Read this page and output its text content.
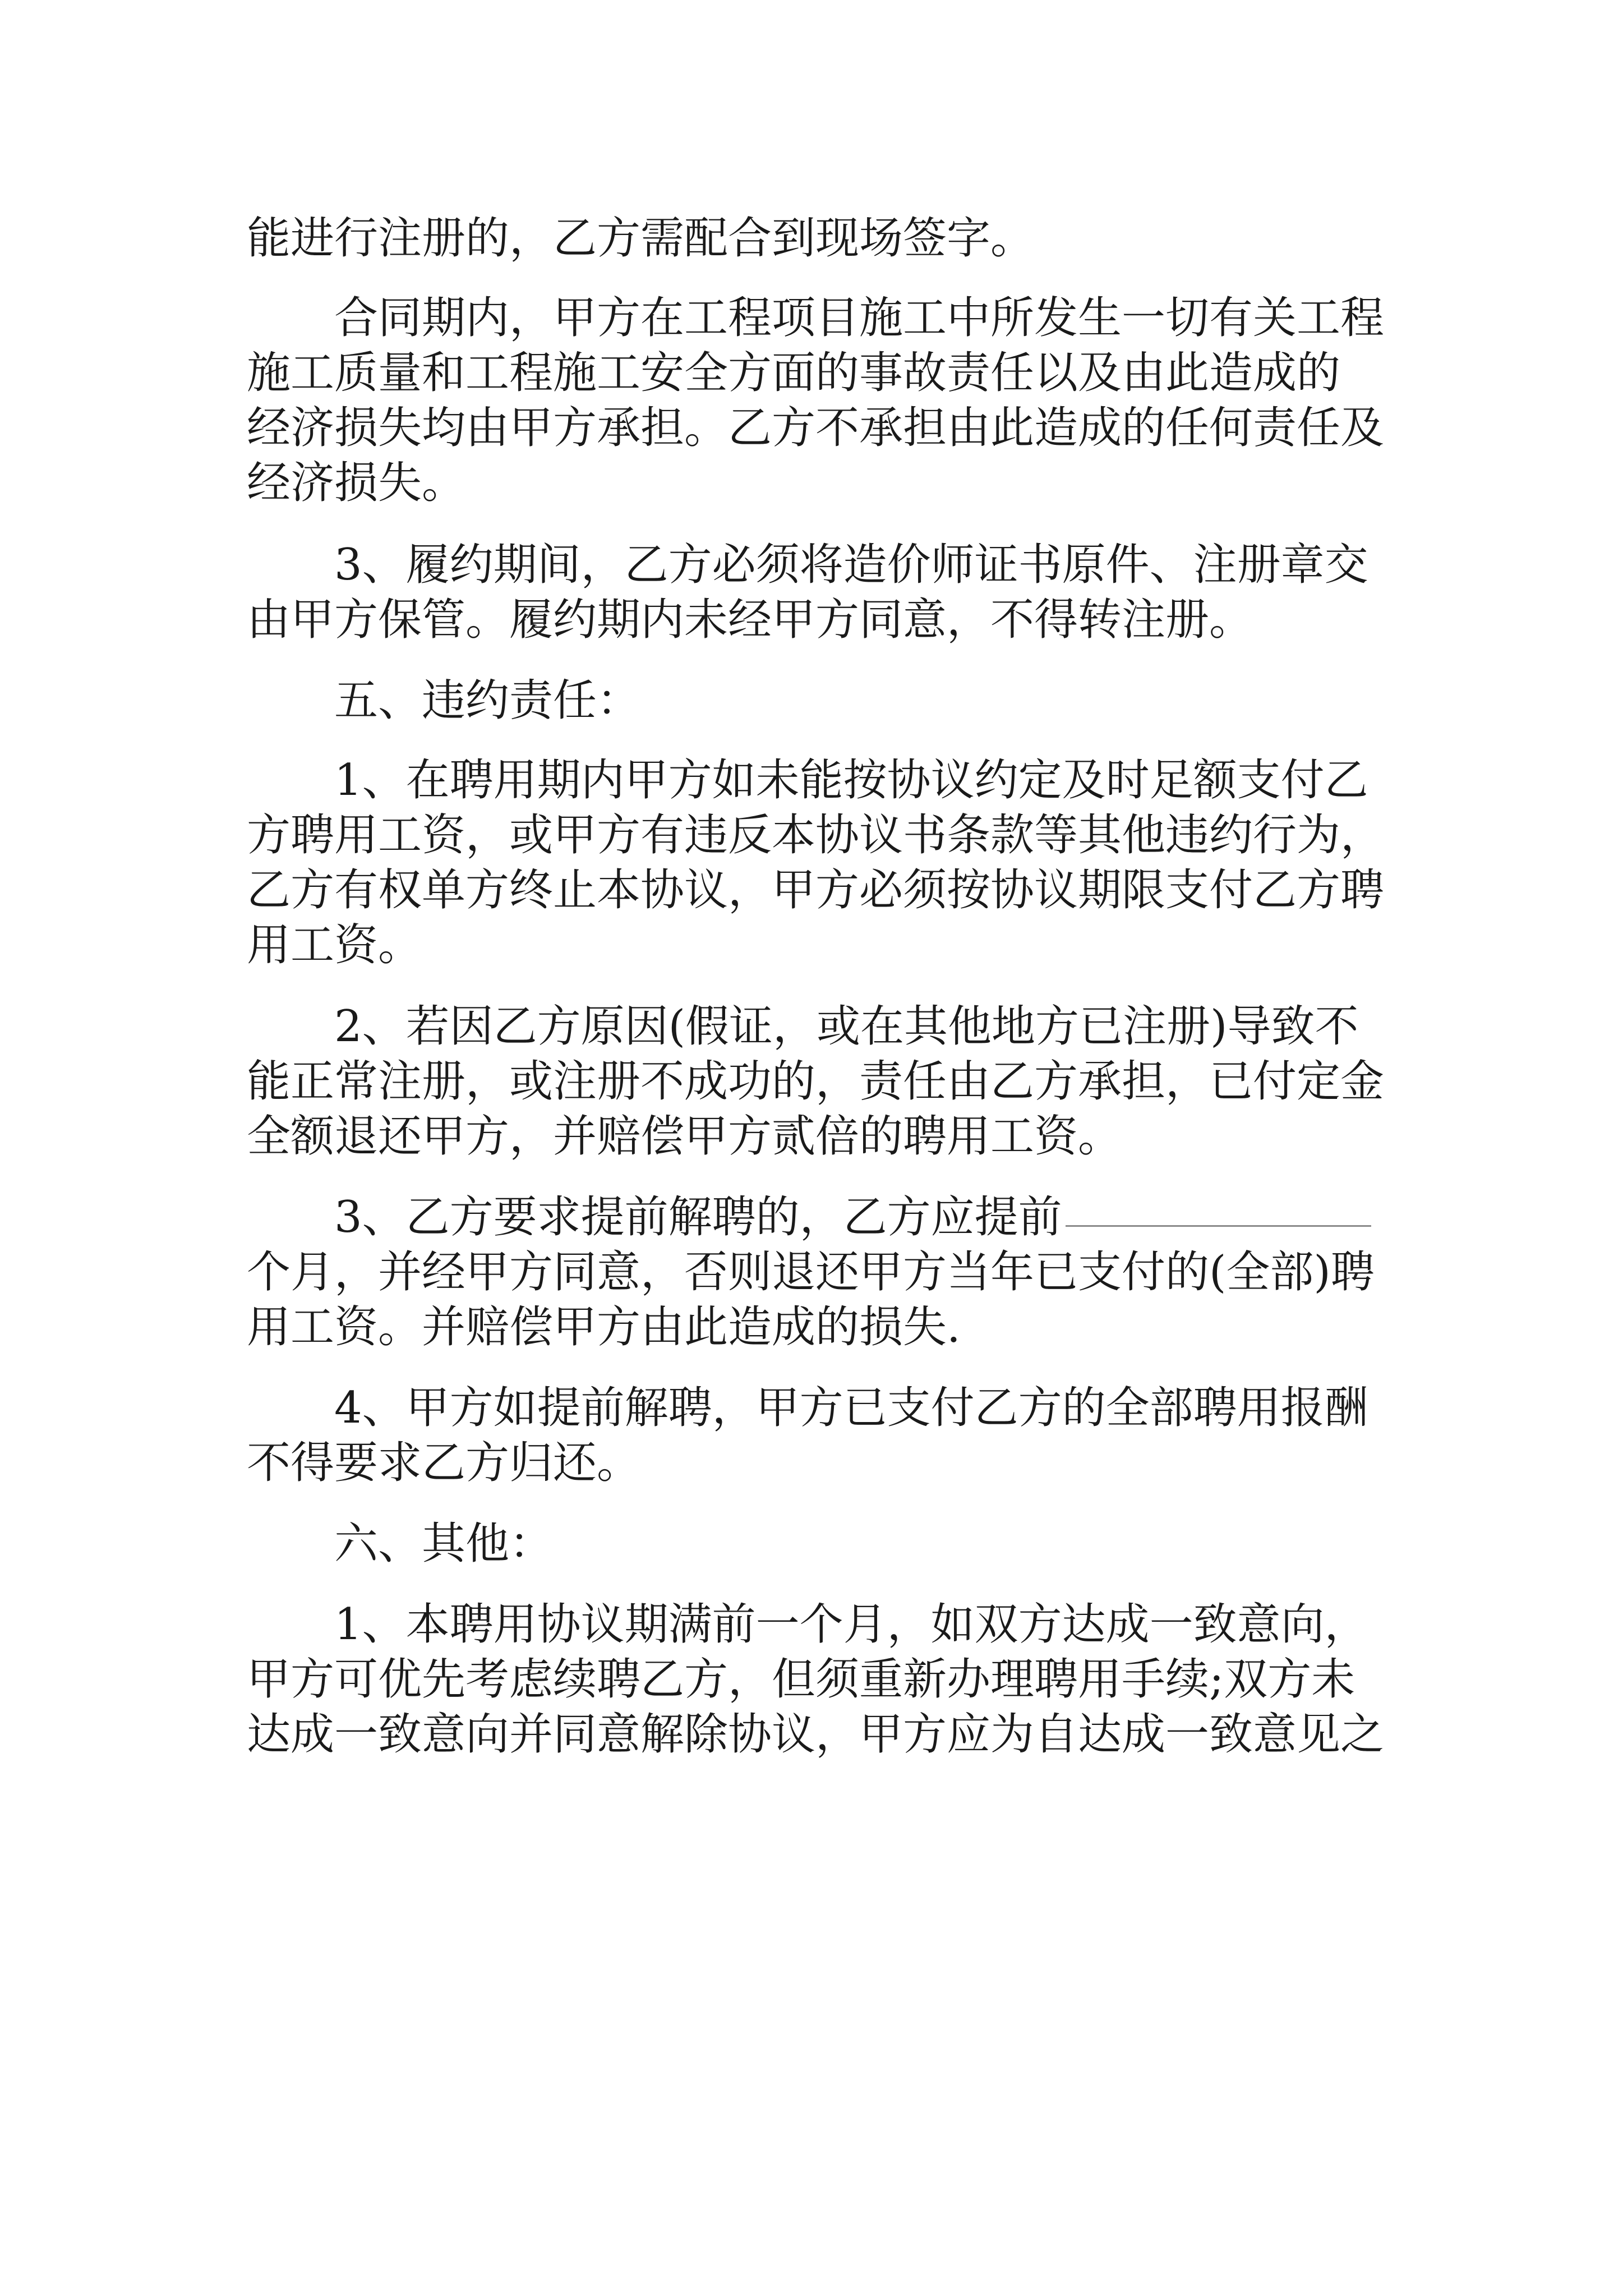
能进行注册的，乙方需配合到现场签字。
合同期内，甲方在工程项目施工中所发生一切有关工程
施工质量和工程施工安全方面的事故责任以及由此造成的
经济损失均由甲方承担。乙方不承担由此造成的任何责任及
经济损失。
3、履约期间，乙方必须将造价师证书原件、注册章交
由甲方保管。履约期内未经甲方同意，不得转注册。
五、违约责任：
1、在聘用期内甲方如未能按协议约定及时足额支付乙
方聘用工资，或甲方有违反本协议书条款等其他违约行为，
乙方有权单方终止本协议，甲方必须按协议期限支付乙方聘
用工资。
2、若因乙方原因(假证，或在其他地方已注册)导致不
能正常注册，或注册不成功的，责任由乙方承担，已付定金
全额退还甲方，并赔偿甲方贰倍的聘用工资。
3、乙方要求提前解聘的，乙方应提前
个月，并经甲方同意，否则退还甲方当年已支付的(全部)聘
用工资。并赔偿甲方由此造成的损失.
4、甲方如提前解聘，甲方已支付乙方的全部聘用报酬
不得要求乙方归还。
六、其他：
1、本聘用协议期满前一个月，如双方达成一致意向，
甲方可优先考虑续聘乙方，但须重新办理聘用手续;双方未
达成一致意向并同意解除协议，甲方应为自达成一致意见之
